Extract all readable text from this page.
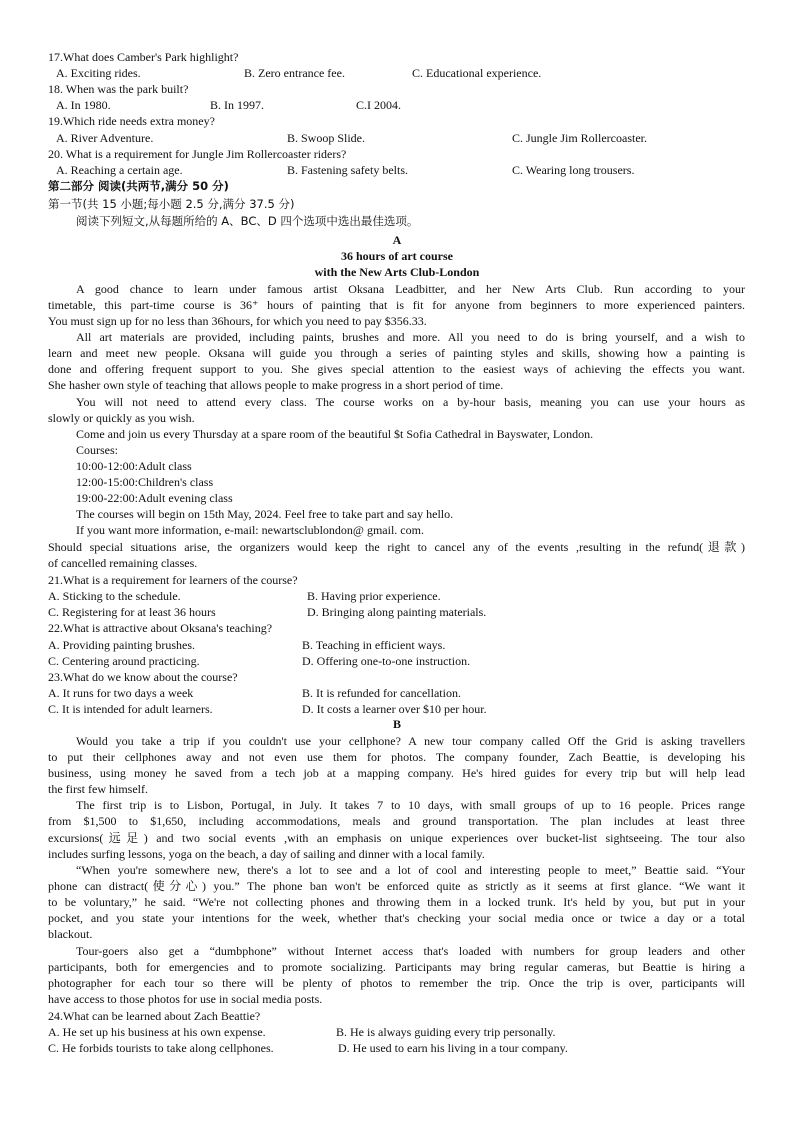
17.What does Camber's Park highlight?
A. Exciting rides.	B. Zero entrance fee.	C. Educational experience.
18. When was the park built?
A. In 1980.	B. In 1997.	C.I 2004.
19.Which ride needs extra money?
A. River Adventure.	B. Swoop Slide.	C. Jungle Jim Rollercoaster.
20. What is a requirement for Jungle Jim Rollercoaster riders?
A. Reaching a certain age.	B. Fastening safety belts.	C. Wearing long trousers.
第二部分 阅读(共两节,满分 50 分)
第一节(共 15 小题;每小题 2.5 分,满分 37.5 分)
阅读下列短文,从每题所给的 A、BC、D 四个选项中选出最佳选项。
A
36 hours of art course
with the New Arts Club-London
A good chance to learn under famous artist Oksana Leadbitter, and her New Arts Club. Run according to your
timetable, this part-time course is 36⁺ hours of painting that is fit for anyone from beginners to more experienced painters.
You must sign up for no less than 36hours, for which you need to pay $356.33.
All art materials are provided, including paints, brushes and more. All you need to do is bring yourself, and a wish to
learn and meet new people. Oksana will guide you through a series of painting styles and skills, showing how a painting is
done and offering frequent support to you. She gives special attention to the easiest ways of achieving the effects you want.
She hasher own style of teaching that allows people to make progress in a short period of time.
You will not need to attend every class. The course works on a by-hour basis, meaning you can use your hours as
slowly or quickly as you wish.
Come and join us every Thursday at a spare room of the beautiful $t Sofia Cathedral in Bayswater, London.
Courses:
10:00-12:00:Adult class
12:00-15:00:Children's class
19:00-22:00:Adult evening class
The courses will begin on 15th May, 2024. Feel free to take part and say hello.
If you want more information, e-mail: newartsclublondon@ gmail. com.
Should special situations arise, the organizers would keep the right to cancel any of the events ,resulting in the refund(退款)
of cancelled remaining classes.
21.What is a requirement for learners of the course?
A. Sticking to the schedule.	B. Having prior experience.
C. Registering for at least 36 hours	D. Bringing along painting materials.
22.What is attractive about Oksana's teaching?
A. Providing painting brushes.	B. Teaching in efficient ways.
C. Centering around practicing.	D. Offering one-to-one instruction.
23.What do we know about the course?
A. It runs for two days a week	B. It is refunded for cancellation.
C. It is intended for adult learners.	D. It costs a learner over $10 per hour.
B
Would you take a trip if you couldn't use your cellphone? A new tour company called Off the Grid is asking travellers
to put their cellphones away and not even use them for photos. The company founder, Zach Beattie, is developing his
business, using money he saved from a tech job at a mapping company. He's hired guides for every trip but will help lead
the first few himself.
The first trip is to Lisbon, Portugal, in July. It takes 7 to 10 days, with small groups of up to 16 people. Prices range
from $1,500 to $1,650, including accommodations, meals and ground transportation. The plan includes at least three
excursions(远足) and two social events ,with an emphasis on unique experiences over bucket-list sightseeing. The tour also
includes surfing lessons, yoga on the beach, a day of sailing and dinner with a local family.
“When you're somewhere new, there's a lot to see and a lot of cool and interesting people to meet,” Beattie said. “Your
phone can distract(使分心) you.” The phone ban won't be enforced quite as strictly as it seems at first glance. “We want it
to be voluntary,” he said. “We're not collecting phones and throwing them in a locked trunk. It's held by you, but put in your
pocket, and you state your intentions for the week, whether that's checking your social media once or twice a day or a total
blackout.
Tour-goers also get a “dumbphone” without Internet access that's loaded with numbers for group leaders and other
participants, both for emergencies and to promote socializing. Participants may bring regular cameras, but Beattie is hiring a
photographer for each tour so there will be plenty of photos to remember the trip. Once the trip is over, participants will
have access to those photos for use in social media posts.
24.What can be learned about Zach Beattie?
A. He set up his business at his own expense.	B. He is always guiding every trip personally.
C. He forbids tourists to take along cellphones.	D. He used to earn his living in a tour company.
